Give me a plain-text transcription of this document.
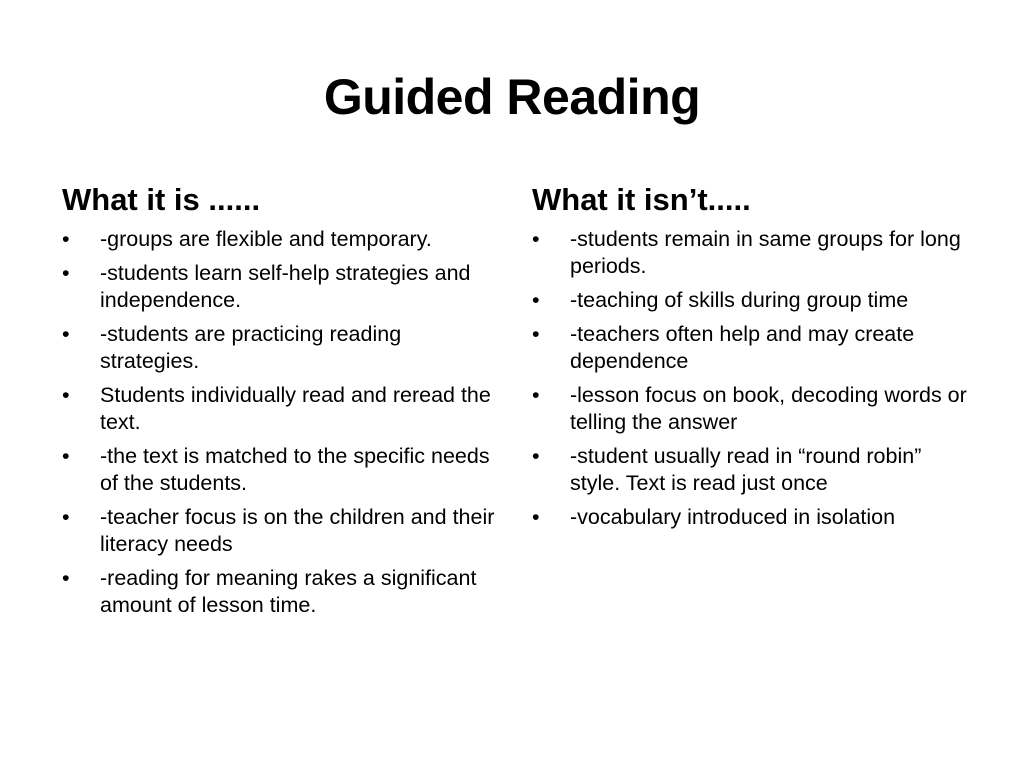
Guided Reading
What it is ......
• -groups are flexible and temporary.
• -students learn self-help strategies and independence.
• -students are practicing reading strategies.
• Students individually read and reread the text.
• -the text is matched to the specific needs of the students.
• -teacher focus is on the children and their literacy needs
• -reading for meaning rakes a significant amount of lesson time.
What it isn’t.....
• -students remain in same groups for long periods.
• -teaching of skills during group time
• -teachers often help and may create dependence
• -lesson focus on book, decoding words or telling the answer
• -student usually read in “round robin” style. Text is read just once
• -vocabulary introduced in isolation
